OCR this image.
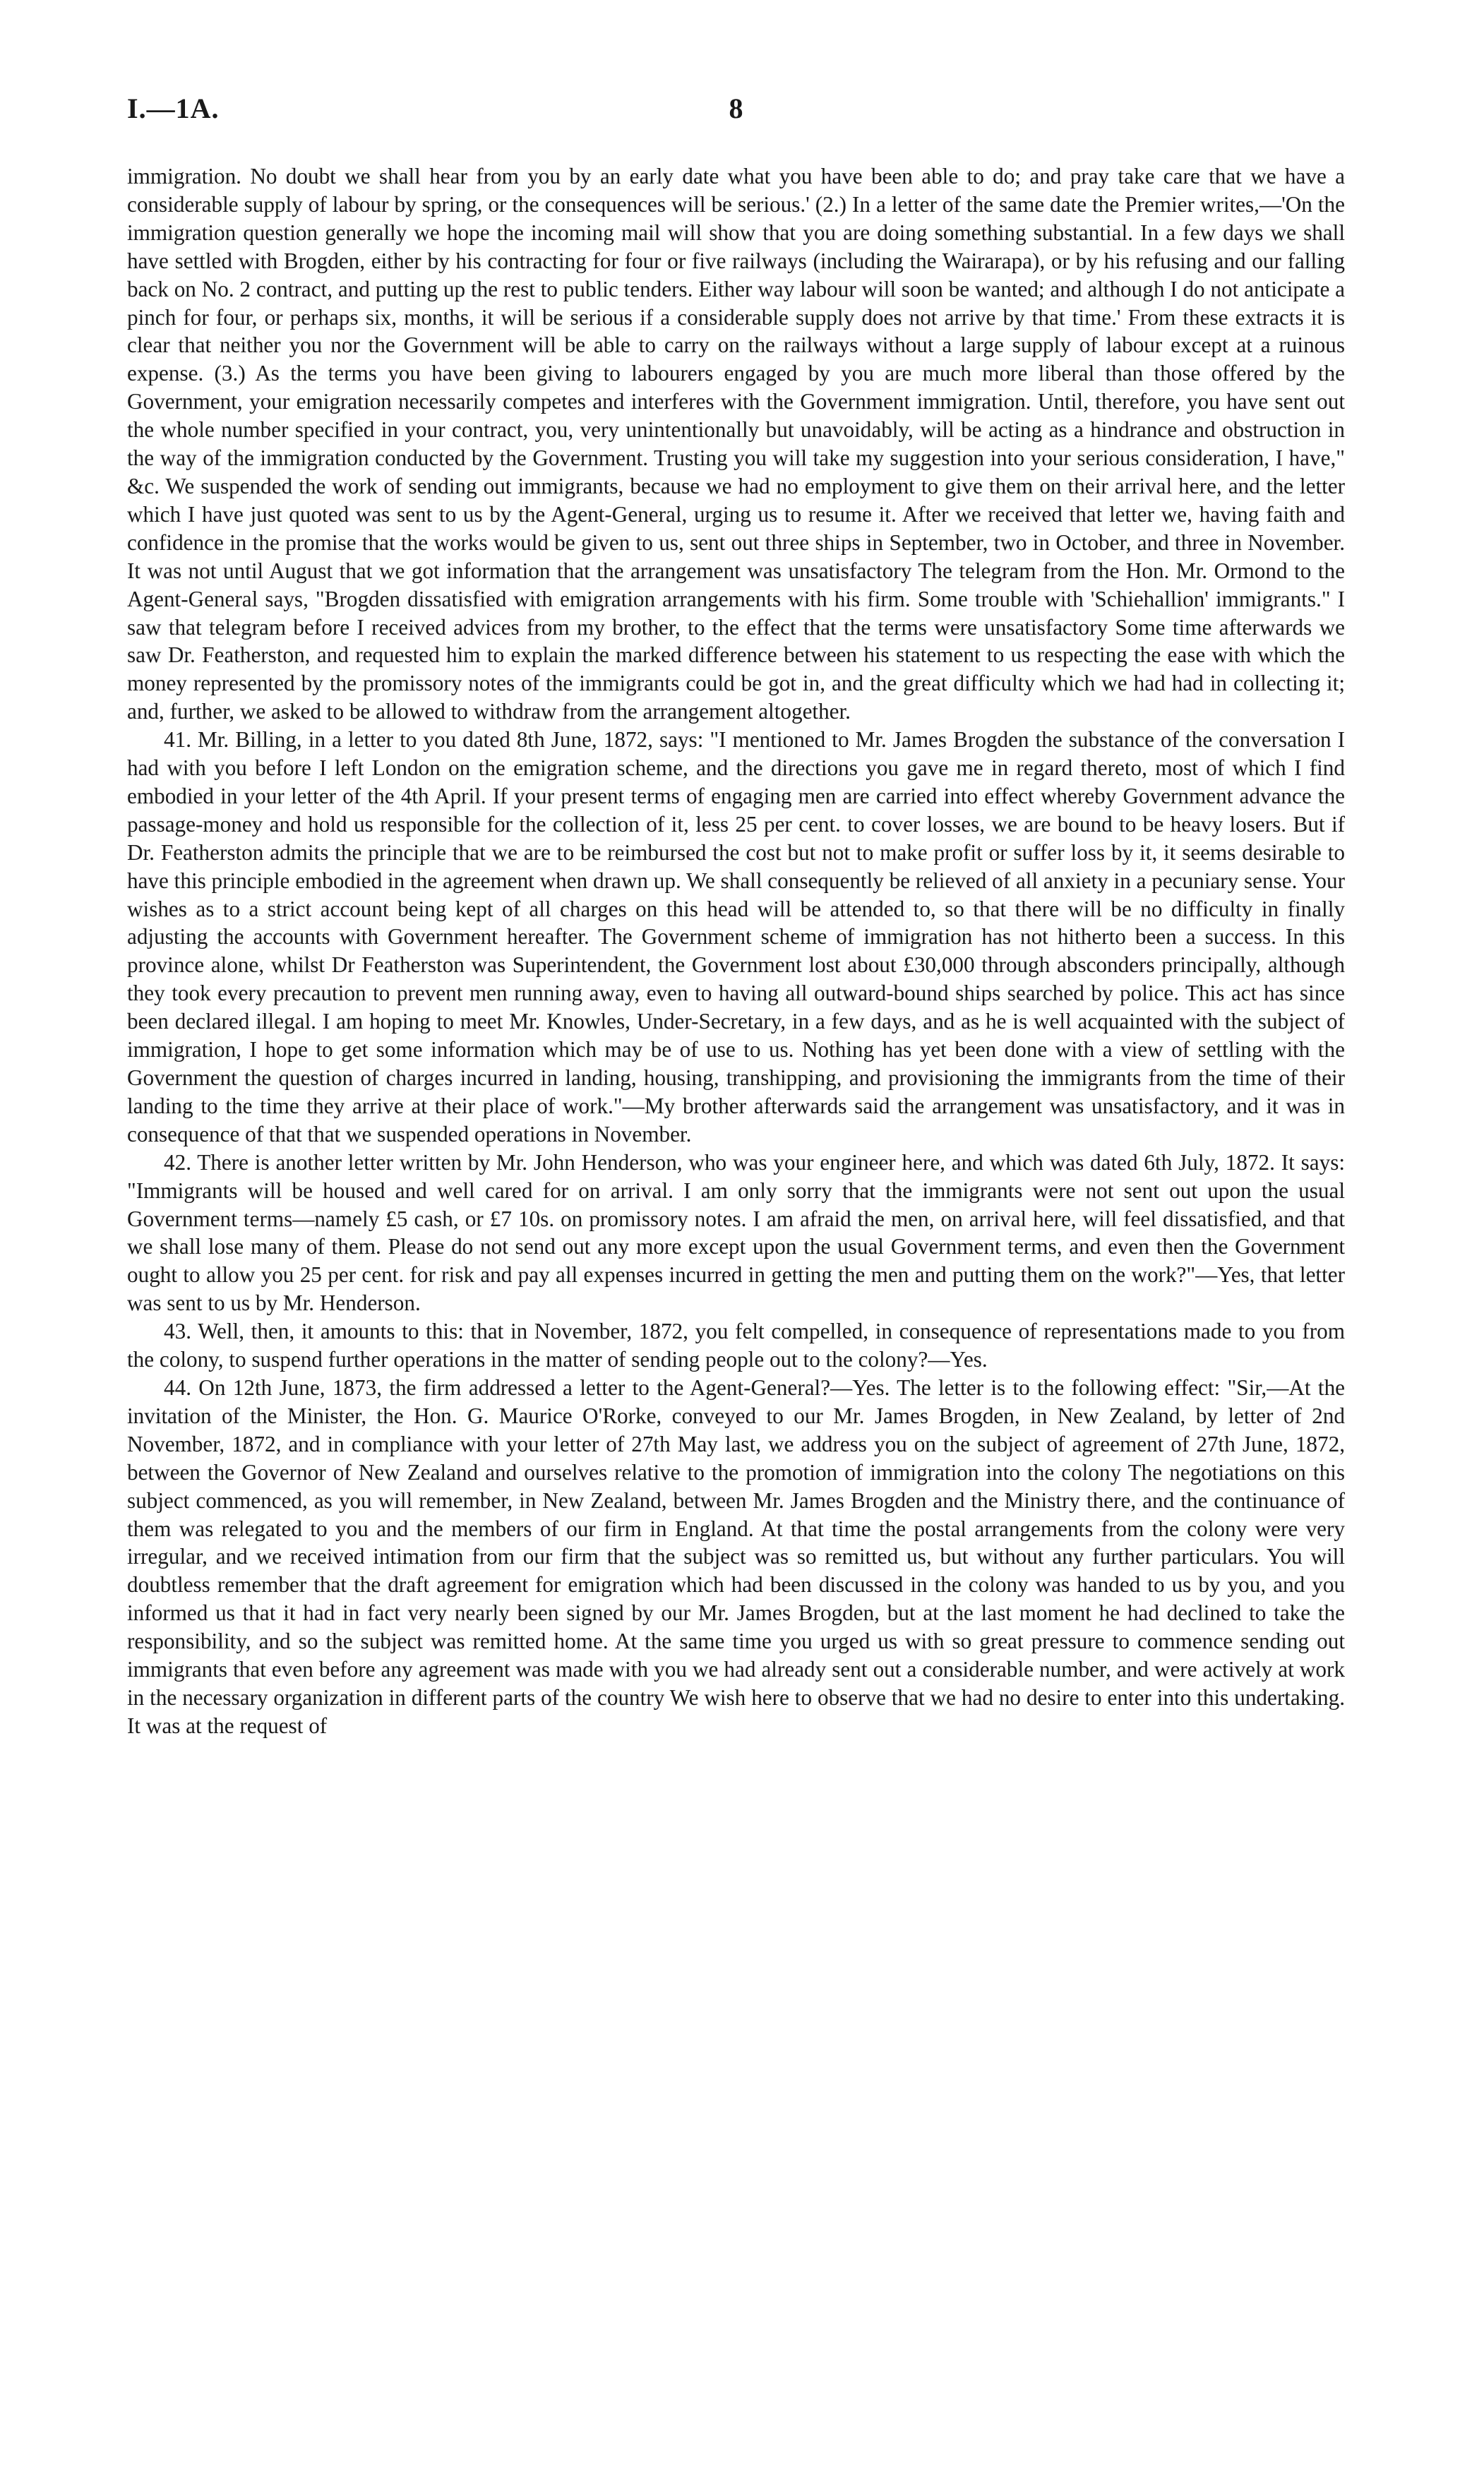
I.—1A.	8

immigration. No doubt we shall hear from you by an early date what you have been able to do; and pray take care that we have a considerable supply of labour by spring, or the consequences will be serious.' (2.) In a letter of the same date the Premier writes,—'On the immigration question generally we hope the incoming mail will show that you are doing something substantial. In a few days we shall have settled with Brogden, either by his contracting for four or five railways (including the Wairarapa), or by his refusing and our falling back on No. 2 contract, and putting up the rest to public tenders. Either way labour will soon be wanted; and although I do not anticipate a pinch for four, or perhaps six, months, it will be serious if a considerable supply does not arrive by that time.' From these extracts it is clear that neither you nor the Government will be able to carry on the railways without a large supply of labour except at a ruinous expense. (3.) As the terms you have been giving to labourers engaged by you are much more liberal than those offered by the Government, your emigration necessarily competes and interferes with the Government immigration. Until, therefore, you have sent out the whole number specified in your contract, you, very unintentionally but unavoidably, will be acting as a hindrance and obstruction in the way of the immigration conducted by the Government. Trusting you will take my suggestion into your serious consideration, I have," &c. We suspended the work of sending out immigrants, because we had no employment to give them on their arrival here, and the letter which I have just quoted was sent to us by the Agent-General, urging us to resume it. After we received that letter we, having faith and confidence in the promise that the works would be given to us, sent out three ships in September, two in October, and three in November. It was not until August that we got information that the arrangement was unsatisfactory The telegram from the Hon. Mr. Ormond to the Agent-General says, "Brogden dissatisfied with emigration arrangements with his firm. Some trouble with 'Schiehallion' immigrants." I saw that telegram before I received advices from my brother, to the effect that the terms were unsatisfactory Some time afterwards we saw Dr. Featherston, and requested him to explain the marked difference between his statement to us respecting the ease with which the money represented by the promissory notes of the immigrants could be got in, and the great difficulty which we had had in collecting it; and, further, we asked to be allowed to withdraw from the arrangement altogether.

41. Mr. Billing, in a letter to you dated 8th June, 1872, says: "I mentioned to Mr. James Brogden the substance of the conversation I had with you before I left London on the emigration scheme, and the directions you gave me in regard thereto, most of which I find embodied in your letter of the 4th April. If your present terms of engaging men are carried into effect whereby Government advance the passage-money and hold us responsible for the collection of it, less 25 per cent. to cover losses, we are bound to be heavy losers. But if Dr. Featherston admits the principle that we are to be reimbursed the cost but not to make profit or suffer loss by it, it seems desirable to have this principle embodied in the agreement when drawn up. We shall consequently be relieved of all anxiety in a pecuniary sense. Your wishes as to a strict account being kept of all charges on this head will be attended to, so that there will be no difficulty in finally adjusting the accounts with Government hereafter. The Government scheme of immigration has not hitherto been a success. In this province alone, whilst Dr Featherston was Superintendent, the Government lost about £30,000 through absconders principally, although they took every precaution to prevent men running away, even to having all outward-bound ships searched by police. This act has since been declared illegal. I am hoping to meet Mr. Knowles, Under-Secretary, in a few days, and as he is well acquainted with the subject of immigration, I hope to get some information which may be of use to us. Nothing has yet been done with a view of settling with the Government the question of charges incurred in landing, housing, transhipping, and provisioning the immigrants from the time of their landing to the time they arrive at their place of work."—My brother afterwards said the arrangement was unsatisfactory, and it was in consequence of that that we suspended operations in November.

42. There is another letter written by Mr. John Henderson, who was your engineer here, and which was dated 6th July, 1872. It says: "Immigrants will be housed and well cared for on arrival. I am only sorry that the immigrants were not sent out upon the usual Government terms—namely £5 cash, or £7 10s. on promissory notes. I am afraid the men, on arrival here, will feel dissatisfied, and that we shall lose many of them. Please do not send out any more except upon the usual Government terms, and even then the Government ought to allow you 25 per cent. for risk and pay all expenses incurred in getting the men and putting them on the work?"—Yes, that letter was sent to us by Mr. Henderson.

43. Well, then, it amounts to this: that in November, 1872, you felt compelled, in consequence of representations made to you from the colony, to suspend further operations in the matter of sending people out to the colony?—Yes.

44. On 12th June, 1873, the firm addressed a letter to the Agent-General?—Yes. The letter is to the following effect: "Sir,—At the invitation of the Minister, the Hon. G. Maurice O'Rorke, conveyed to our Mr. James Brogden, in New Zealand, by letter of 2nd November, 1872, and in compliance with your letter of 27th May last, we address you on the subject of agreement of 27th June, 1872, between the Governor of New Zealand and ourselves relative to the promotion of immigration into the colony The negotiations on this subject commenced, as you will remember, in New Zealand, between Mr. James Brogden and the Ministry there, and the continuance of them was relegated to you and the members of our firm in England. At that time the postal arrangements from the colony were very irregular, and we received intimation from our firm that the subject was so remitted us, but without any further particulars. You will doubtless remember that the draft agreement for emigration which had been discussed in the colony was handed to us by you, and you informed us that it had in fact very nearly been signed by our Mr. James Brogden, but at the last moment he had declined to take the responsibility, and so the subject was remitted home. At the same time you urged us with so great pressure to commence sending out immigrants that even before any agreement was made with you we had already sent out a considerable number, and were actively at work in the necessary organization in different parts of the country We wish here to observe that we had no desire to enter into this undertaking. It was at the request of
